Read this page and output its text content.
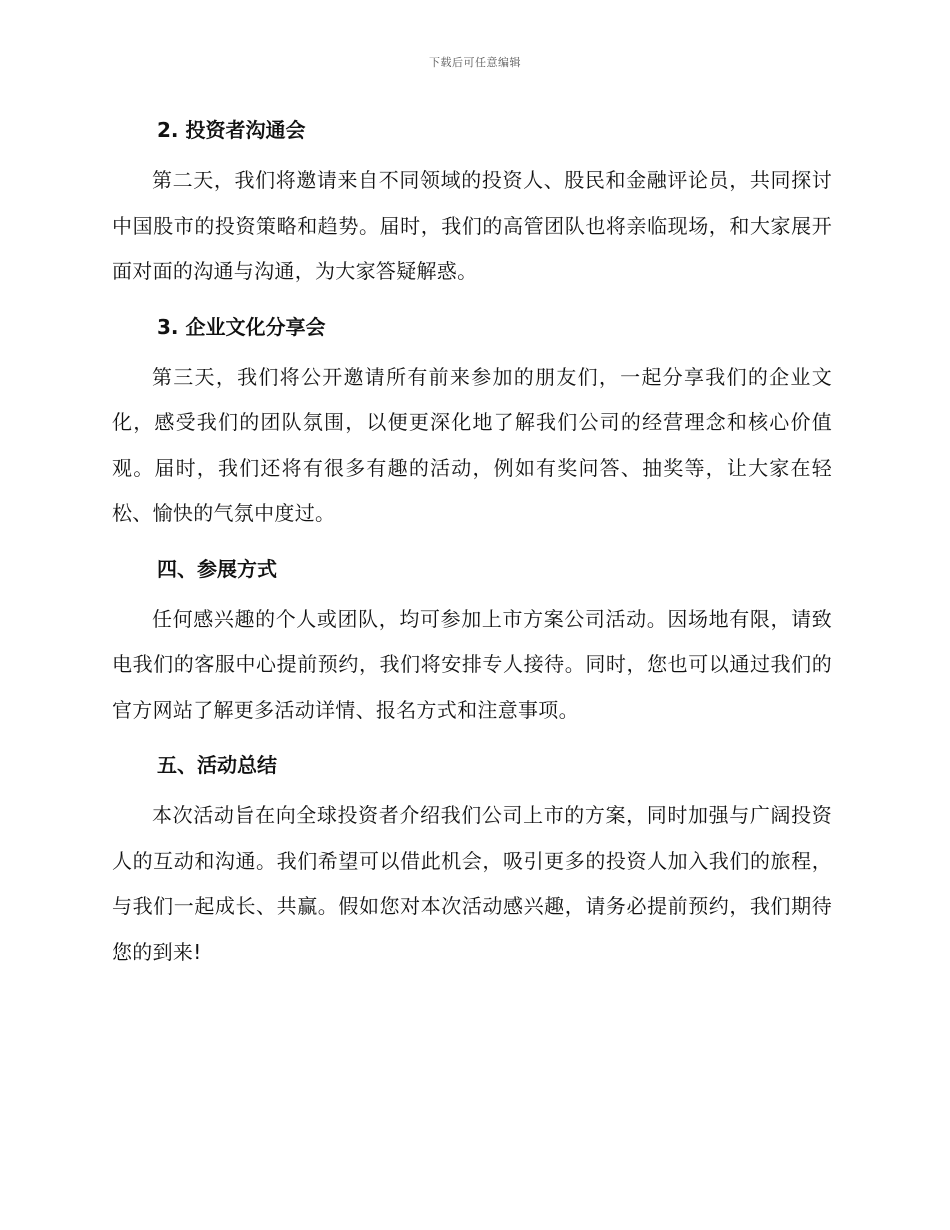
下载后可任意编辑
2. 投资者沟通会

第二天，我们将邀请来自不同领域的投资人、股民和金融评论员，共同探讨中国股市的投资策略和趋势。届时，我们的高管团队也将亲临现场，和大家展开面对面的沟通与沟通，为大家答疑解惑。

3. 企业文化分享会

第三天，我们将公开邀请所有前来参加的朋友们，一起分享我们的企业文化，感受我们的团队氛围，以便更深化地了解我们公司的经营理念和核心价值观。届时，我们还将有很多有趣的活动，例如有奖问答、抽奖等，让大家在轻松、愉快的气氛中度过。

四、参展方式

任何感兴趣的个人或团队，均可参加上市方案公司活动。因场地有限，请致电我们的客服中心提前预约，我们将安排专人接待。同时，您也可以通过我们的官方网站了解更多活动详情、报名方式和注意事项。

五、活动总结

本次活动旨在向全球投资者介绍我们公司上市的方案，同时加强与广阔投资人的互动和沟通。我们希望可以借此机会，吸引更多的投资人加入我们的旅程，与我们一起成长、共赢。假如您对本次活动感兴趣，请务必提前预约，我们期待您的到来!
